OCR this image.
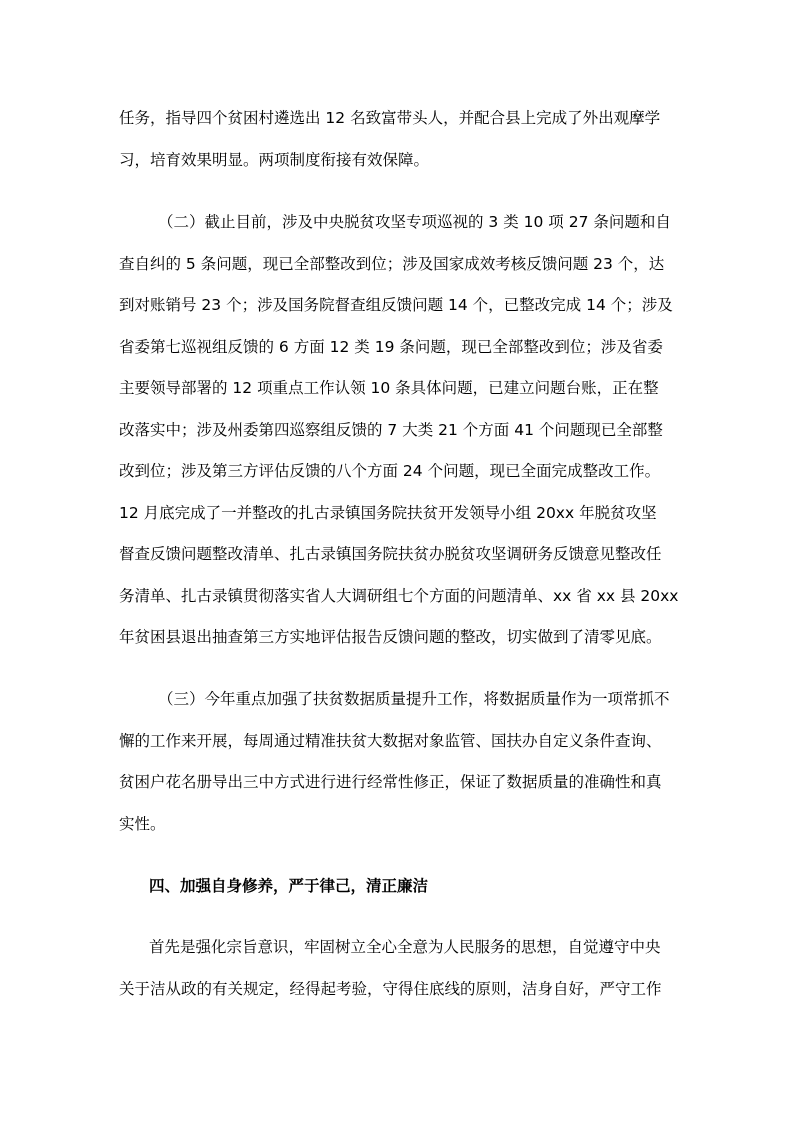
任务，指导四个贫困村遴选出 12 名致富带头人，并配合县上完成了外出观摩学
习，培育效果明显。两项制度衔接有效保障。
（二）截止目前，涉及中央脱贫攻坚专项巡视的 3 类 10 项 27 条问题和自
查自纠的 5 条问题，现已全部整改到位；涉及国家成效考核反馈问题 23 个，达
到对账销号 23 个；涉及国务院督查组反馈问题 14 个，已整改完成 14 个；涉及
省委第七巡视组反馈的 6 方面 12 类 19 条问题，现已全部整改到位；涉及省委
主要领导部署的 12 项重点工作认领 10 条具体问题，已建立问题台账，正在整
改落实中；涉及州委第四巡察组反馈的 7 大类 21 个方面 41 个问题现已全部整
改到位；涉及第三方评估反馈的八个方面 24 个问题，现已全面完成整改工作。
12 月底完成了一并整改的扎古录镇国务院扶贫开发领导小组 20xx 年脱贫攻坚
督查反馈问题整改清单、扎古录镇国务院扶贫办脱贫攻坚调研务反馈意见整改任
务清单、扎古录镇贯彻落实省人大调研组七个方面的问题清单、xx 省 xx 县 20xx
年贫困县退出抽查第三方实地评估报告反馈问题的整改，切实做到了清零见底。
（三）今年重点加强了扶贫数据质量提升工作，将数据质量作为一项常抓不
懈的工作来开展，每周通过精准扶贫大数据对象监管、国扶办自定义条件查询、
贫困户花名册导出三中方式进行进行经常性修正，保证了数据质量的准确性和真
实性。
四、加强自身修养，严于律己，清正廉洁
首先是强化宗旨意识，牢固树立全心全意为人民服务的思想，自觉遵守中央
关于洁从政的有关规定，经得起考验，守得住底线的原则，洁身自好，严守工作
